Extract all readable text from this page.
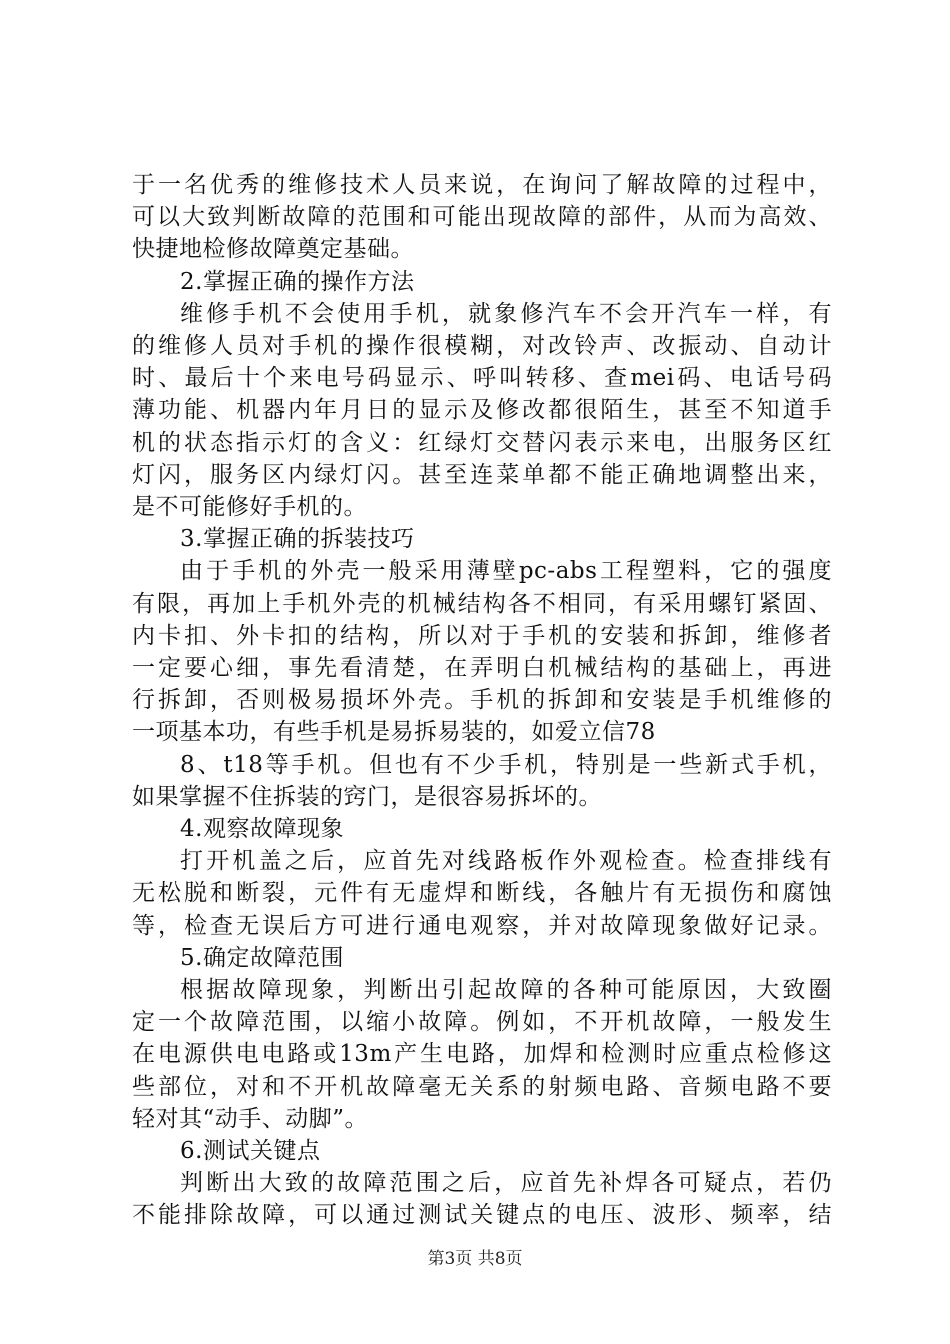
于一名优秀的维修技术人员来说，在询问了解故障的过程中，
可以大致判断故障的范围和可能出现故障的部件，从而为高效、
快捷地检修故障奠定基础。
2.掌握正确的操作方法
维修手机不会使用手机，就象修汽车不会开汽车一样，有
的维修人员对手机的操作很模糊，对改铃声、改振动、自动计
时、最后十个来电号码显示、呼叫转移、查mei码、电话号码
薄功能、机器内年月日的显示及修改都很陌生，甚至不知道手
机的状态指示灯的含义：红绿灯交替闪表示来电，出服务区红
灯闪，服务区内绿灯闪。甚至连菜单都不能正确地调整出来，
是不可能修好手机的。
3.掌握正确的拆装技巧
由于手机的外壳一般采用薄壁pc-abs工程塑料，它的强度
有限，再加上手机外壳的机械结构各不相同，有采用螺钉紧固、
内卡扣、外卡扣的结构，所以对于手机的安装和拆卸，维修者
一定要心细，事先看清楚，在弄明白机械结构的基础上，再进
行拆卸，否则极易损坏外壳。手机的拆卸和安装是手机维修的
一项基本功，有些手机是易拆易装的，如爱立信78
8、t18等手机。但也有不少手机，特别是一些新式手机，
如果掌握不住拆装的窍门，是很容易拆坏的。
4.观察故障现象
打开机盖之后，应首先对线路板作外观检查。检查排线有
无松脱和断裂，元件有无虚焊和断线，各触片有无损伤和腐蚀
等，检查无误后方可进行通电观察，并对故障现象做好记录。
5.确定故障范围
根据故障现象，判断出引起故障的各种可能原因，大致圈
定一个故障范围，以缩小故障。例如，不开机故障，一般发生
在电源供电电路或13m产生电路，加焊和检测时应重点检修这
些部位，对和不开机故障毫无关系的射频电路、音频电路不要
轻对其“动手、动脚”。
6.测试关键点
判断出大致的故障范围之后，应首先补焊各可疑点，若仍
不能排除故障，可以通过测试关键点的电压、波形、频率，结
第3页 共8页
